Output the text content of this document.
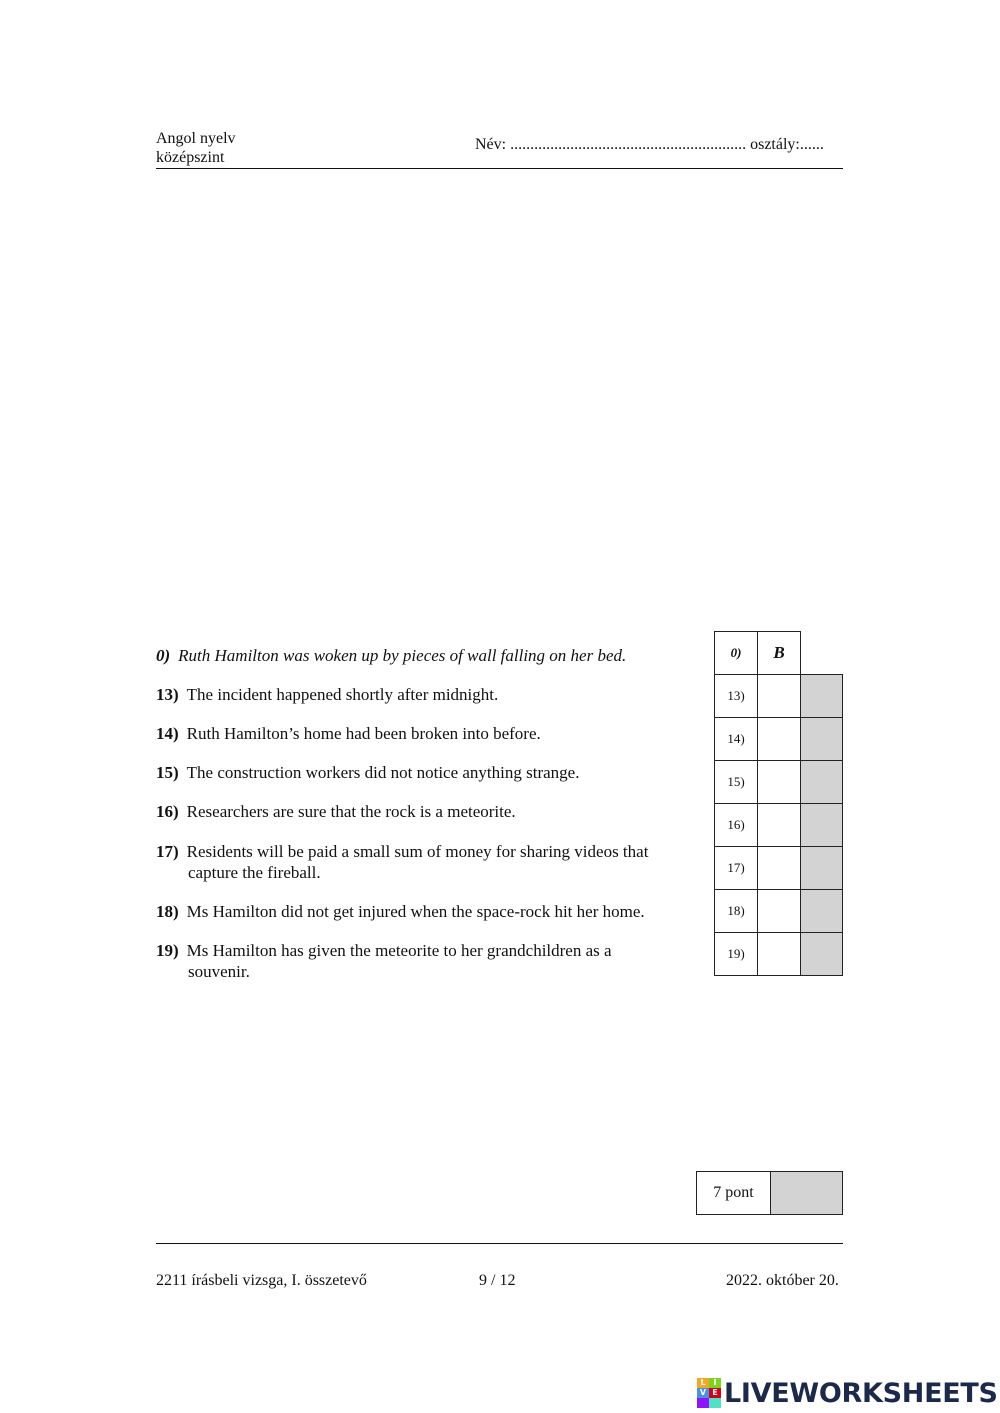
Angol nyelv
középszint
Név: ........................................................... osztály:......
0) Ruth Hamilton was woken up by pieces of wall falling on her bed.
13) The incident happened shortly after midnight.
14) Ruth Hamilton’s home had been broken into before.
15) The construction workers did not notice anything strange.
16) Researchers are sure that the rock is a meteorite.
17) Residents will be paid a small sum of money for sharing videos that
capture the fireball.
18) Ms Hamilton did not get injured when the space-rock hit her home.
19) Ms Hamilton has given the meteorite to her grandchildren as a
souvenir.
0) B
13)
14)
15)
16)
17)
18)
19)
7 pont
2211 írásbeli vizsga, I. összetevő	9 / 12	2022. október 20.
L I
V E LIVEWORKSHEETS
